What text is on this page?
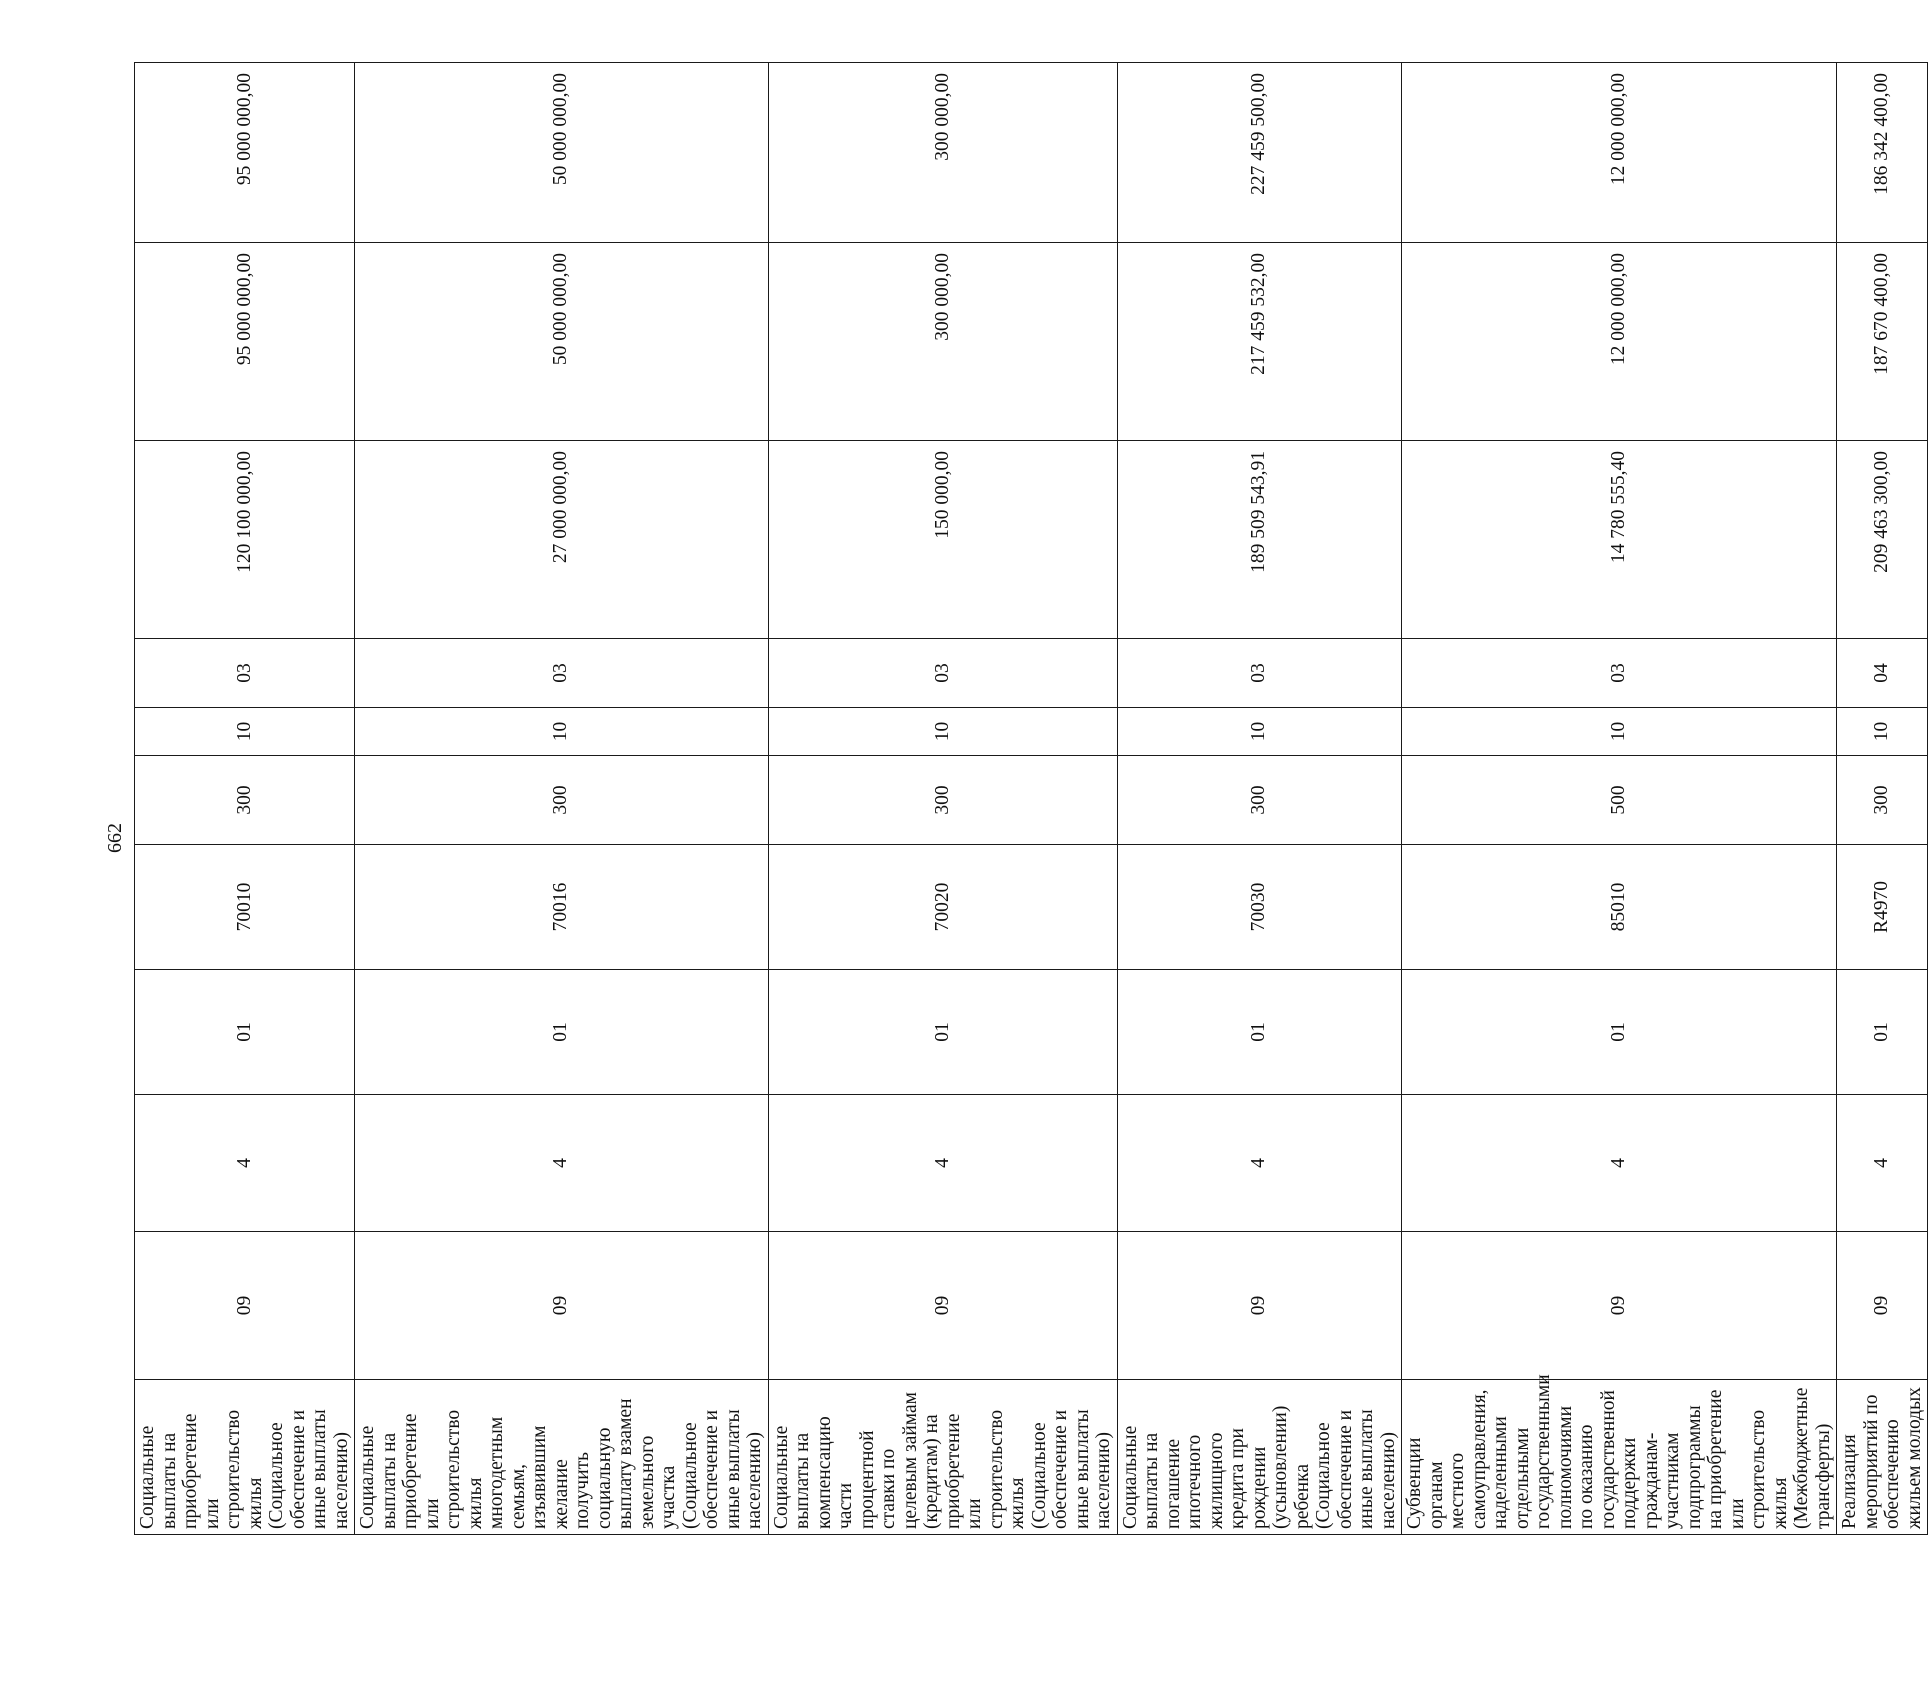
662
Социальные выплаты на приобретение или строительство жилья (Социальное обеспечение и иные выплаты населению)	09	4	01	70010	300	10	03	120 100 000,00	95 000 000,00	95 000 000,00
Социальные выплаты на приобретение или строительство жилья многодетным семьям, изъявившим желание получить социальную выплату взамен земельного участка (Социальное обеспечение и иные выплаты населению)	09	4	01	70016	300	10	03	27 000 000,00	50 000 000,00	50 000 000,00
Социальные выплаты на компенсацию части процентной ставки по целевым займам (кредитам) на приобретение или строительство жилья (Социальное обеспечение и иные выплаты населению)	09	4	01	70020	300	10	03	150 000,00	300 000,00	300 000,00
Социальные выплаты на погашение ипотечного жилищного кредита при рождении (усыновлении) ребенка (Социальное обеспечение и иные выплаты населению)	09	4	01	70030	300	10	03	189 509 543,91	217 459 532,00	227 459 500,00
Субвенции органам местного самоуправления, наделенными отдельными государственными полномочиями по оказанию государственной поддержки гражданам-участникам подпрограммы на приобретение или строительство жилья (Межбюджетные трансферты)	09	4	01	85010	500	10	03	14 780 555,40	12 000 000,00	12 000 000,00
Реализация мероприятий по обеспечению жильем молодых	09	4	01	R4970	300	10	04	209 463 300,00	187 670 400,00	186 342 400,00
